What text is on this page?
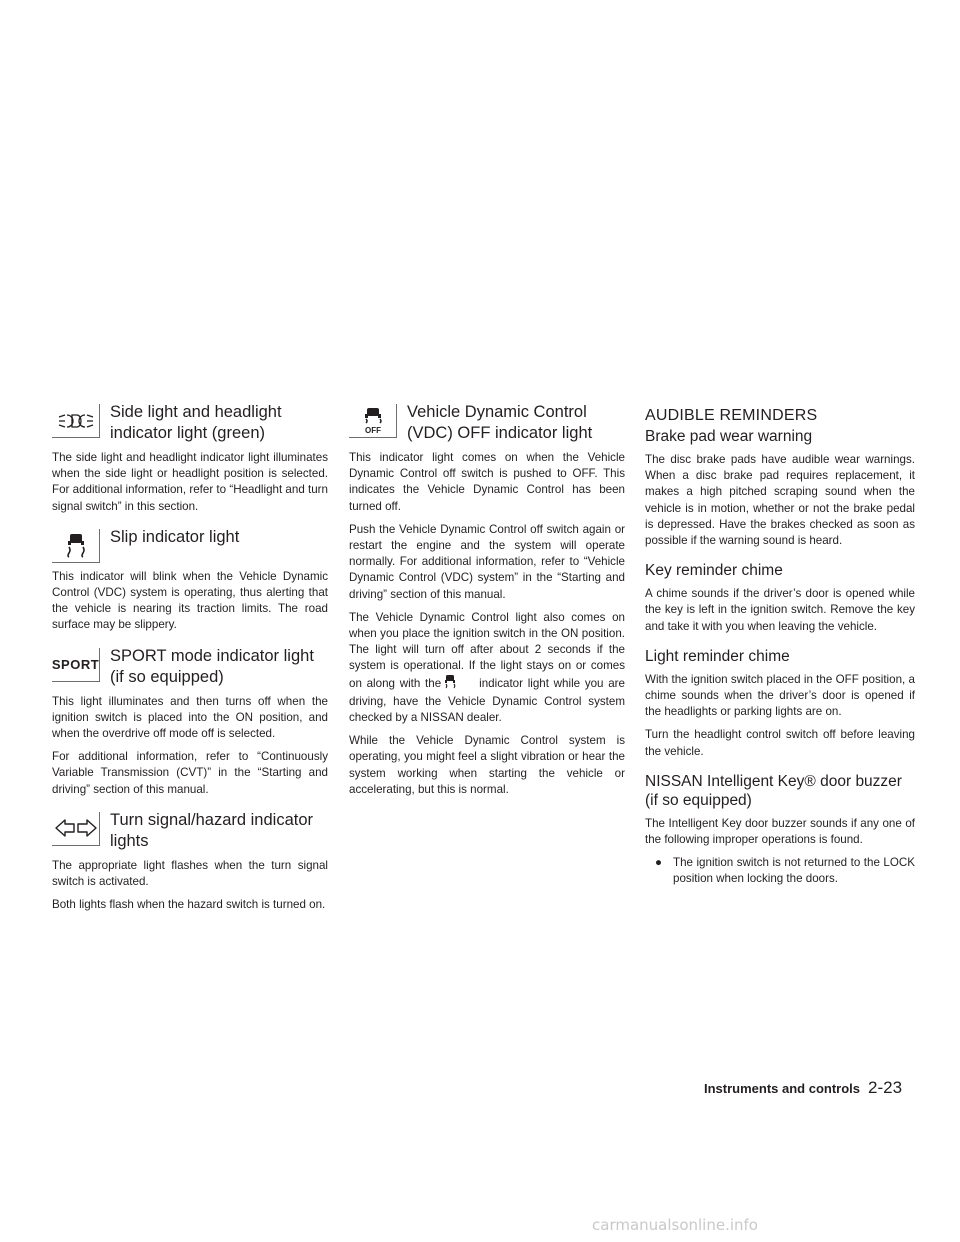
Side light and headlight indicator light (green)

The side light and headlight indicator light illuminates when the side light or headlight position is selected. For additional information, refer to “Headlight and turn signal switch” in this section.

Slip indicator light

This indicator will blink when the Vehicle Dynamic Control (VDC) system is operating, thus alerting that the vehicle is nearing its traction limits. The road surface may be slippery.

SPORT SPORT mode indicator light (if so equipped)

This light illuminates and then turns off when the ignition switch is placed into the ON position, and when the overdrive off mode off is selected.

For additional information, refer to “Continuously Variable Transmission (CVT)” in the “Starting and driving” section of this manual.

Turn signal/hazard indicator lights

The appropriate light flashes when the turn signal switch is activated.

Both lights flash when the hazard switch is turned on.

OFF
Vehicle Dynamic Control (VDC) OFF indicator light

This indicator light comes on when the Vehicle Dynamic Control off switch is pushed to OFF. This indicates the Vehicle Dynamic Control has been turned off.

Push the Vehicle Dynamic Control off switch again or restart the engine and the system will operate normally. For additional information, refer to “Vehicle Dynamic Control (VDC) system” in the “Starting and driving” section of this manual.

The Vehicle Dynamic Control light also comes on when you place the ignition switch in the ON position. The light will turn off after about 2 seconds if the system is operational. If the light stays on or comes on along with the	indicator light while you are driving, have the Vehicle Dynamic Control system checked by a NISSAN dealer.

While the Vehicle Dynamic Control system is operating, you might feel a slight vibration or hear the system working when starting the vehicle or accelerating, but this is normal.

AUDIBLE REMINDERS
Brake pad wear warning

The disc brake pads have audible wear warnings. When a disc brake pad requires replacement, it makes a high pitched scraping sound when the vehicle is in motion, whether or not the brake pedal is depressed. Have the brakes checked as soon as possible if the warning sound is heard.

Key reminder chime

A chime sounds if the driver’s door is opened while the key is left in the ignition switch. Remove the key and take it with you when leaving the vehicle.

Light reminder chime

With the ignition switch placed in the OFF position, a chime sounds when the driver’s door is opened if the headlights or parking lights are on.

Turn the headlight control switch off before leaving the vehicle.

NISSAN Intelligent Key® door buzzer (if so equipped)

The Intelligent Key door buzzer sounds if any one of the following improper operations is found.

● The ignition switch is not returned to the LOCK position when locking the doors.

Instruments and controls 2-23
carmanualsonline.info
